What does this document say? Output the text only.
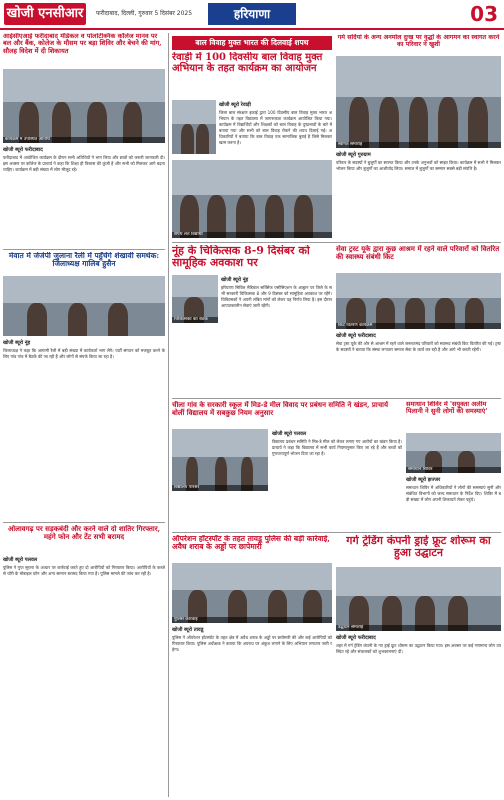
खोजी एनसीआर	फरीदाबाद, दिल्ली, गुरुवार 5 दिसंबर 2025	हरियाणा	03
आईसीएआई फरीदाबाद मेडिकल व पोलोटेक्निक कॉलेज मानव पर बल और बैंक, कोलेज के मौसम पर बड़ा शिविर और बेचने की मांग, सौलह विदेश में दी शिकायत
कार्यक्रम में उपस्थित अतिथि
खोजी ब्यूरो फरीदाबाद
फरीदाबाद में आयोजित कार्यक्रम के दौरान सभी अतिथियों ने भाग लिया और छात्रों को जरूरी जानकारी दी। इस अवसर पर कॉलेज के प्राचार्य ने कहा कि शिक्षा ही विकास की कुंजी है और सभी को मिलकर आगे बढ़ना चाहिए। कार्यक्रम में बड़ी संख्या में लोग मौजूद रहे।
मेवात में जेजेपी जुलाना रैली में पहुँचेंगे शेखावी समर्थक: जिलाध्यक्ष गालिब हुसैन
खोजी ब्यूरो नूंह
जिलाध्यक्ष ने कहा कि आगामी रैली में बड़ी संख्या में कार्यकर्ता भाग लेंगे। पार्टी संगठन को मजबूत करने के लिए गांव गांव में बैठकें की जा रही हैं और लोगों से संपर्क किया जा रहा है।
ओलावगढ़ पर सड़कबंदी और करने वाले दो शातिर गिरफ्तार, महंगे फोन और टेंट सभी बरामद
खोजी ब्यूरो पलवल
पुलिस ने गुप्त सूचना के आधार पर कार्रवाई करते हुए दो आरोपियों को गिरफ्तार किया। आरोपियों के कब्जे से चोरी के मोबाइल फोन और अन्य सामान बरामद किया गया है। पुलिस मामले की जांच कर रही है।
बाल विवाह मुक्त भारत की दिलवाई शपथ
रेवाड़ी में 100 दिवसीय बाल विवाह मुक्त अभियान के तहत कार्यक्रम का आयोजन
खोजी ब्यूरो रेवाड़ी
जिला बाल संरक्षण इकाई द्वारा 100 दिवसीय बाल विवाह मुक्त भारत अभियान के तहत विद्यालय में जागरूकता कार्यक्रम आयोजित किया गया। कार्यक्रम में विद्यार्थियों और शिक्षकों को बाल विवाह के दुष्प्रभावों के बारे में बताया गया और सभी को बाल विवाह रोकने की शपथ दिलाई गई। अधिकारियों ने बताया कि बाल विवाह एक सामाजिक बुराई है जिसे मिलकर खत्म करना है।
शपथ लेते विद्यार्थी
गर्म सर्दियां के अन्य अनमोल दुःख पर वृद्धों के आगमन का स्वागत करने का परिवार ने खुशी
स्वागत समारोह
खोजी ब्यूरो गुरुग्राम
परिवार के सदस्यों ने बुजुर्गों का स्वागत किया और उनके अनुभवों को साझा किया। कार्यक्रम में सभी ने मिलकर भोजन किया और बुजुर्गों का आशीर्वाद लिया। समाज में बुजुर्गों का सम्मान सबसे बड़ी संपत्ति है।
नूंह के चिकित्सक 8-9 दिसंबर को सामूहिक अवकाश पर
चिकित्सकों की बैठक
खोजी ब्यूरो नूंह
हरियाणा सिविल मेडिकल सर्विसेज एसोसिएशन के आह्वान पर जिले के सभी सरकारी चिकित्सक 8 और 9 दिसंबर को सामूहिक अवकाश पर रहेंगे। चिकित्सकों ने अपनी लंबित मांगों को लेकर यह निर्णय लिया है। इस दौरान आपातकालीन सेवाएं जारी रहेंगी।
सेवा ट्रस्ट यूके द्वारा कुछ आश्रम में रहने वाले परिवारों को वितरित की स्वास्थ्य संबंधी किट
किट वितरण कार्यक्रम
खोजी ब्यूरो फरीदाबाद
सेवा ट्रस्ट यूके की ओर से आश्रम में रहने वाले जरूरतमंद परिवारों को स्वास्थ्य संबंधी किट वितरित की गई। ट्रस्ट के सदस्यों ने बताया कि संस्था लगातार समाज सेवा के कार्य कर रही है और आगे भी करती रहेगी।
चीला गांव के सरकारी स्कूल में मिड-डे मील विवाद पर प्रबंधन समिति ने खंडन, प्राचार्य बोलीं विद्यालय में सबकुछ नियम अनुसार
विद्यालय परिसर
खोजी ब्यूरो पलवल
विद्यालय प्रबंधन समिति ने मिड-डे मील को लेकर लगाए गए आरोपों का खंडन किया है। प्राचार्य ने कहा कि विद्यालय में सभी कार्य नियमानुसार किए जा रहे हैं और बच्चों को गुणवत्तापूर्ण भोजन दिया जा रहा है।
समाधान शिविर में 'सयुक्ता अलीम पिलानी ने सुनी लोगों की समस्याएं'
समाधान शिविर
खोजी ब्यूरो झज्जर
समाधान शिविर में अधिकारियों ने लोगों की समस्याएं सुनीं और संबंधित विभागों को जल्द समाधान के निर्देश दिए। शिविर में बड़ी संख्या में लोग अपनी शिकायतें लेकर पहुंचे।
ऑपरेशन हॉटस्पॉट के तहत तावडू पुलिस की बड़ी कार्रवाई, अवैध शराब के अड्डों पर छापेमारी
पुलिस कार्रवाई
खोजी ब्यूरो तावडू
पुलिस ने ऑपरेशन हॉटस्पॉट के तहत क्षेत्र में अवैध शराब के अड्डों पर छापेमारी की और कई आरोपियों को गिरफ्तार किया। पुलिस अधीक्षक ने बताया कि अपराध पर अंकुश लगाने के लिए अभियान लगातार जारी रहेगा।
गर्ग ट्रेडिंग कंपनी ड्राई फ्रूट शोरूम का हुआ उद्घाटन
उद्घाटन समारोह
खोजी ब्यूरो फरीदाबाद
शहर में गर्ग ट्रेडिंग कंपनी के नए ड्राई फ्रूट शोरूम का उद्घाटन किया गया। इस अवसर पर कई गणमान्य लोग उपस्थित रहे और संचालकों को शुभकामनाएं दीं।
